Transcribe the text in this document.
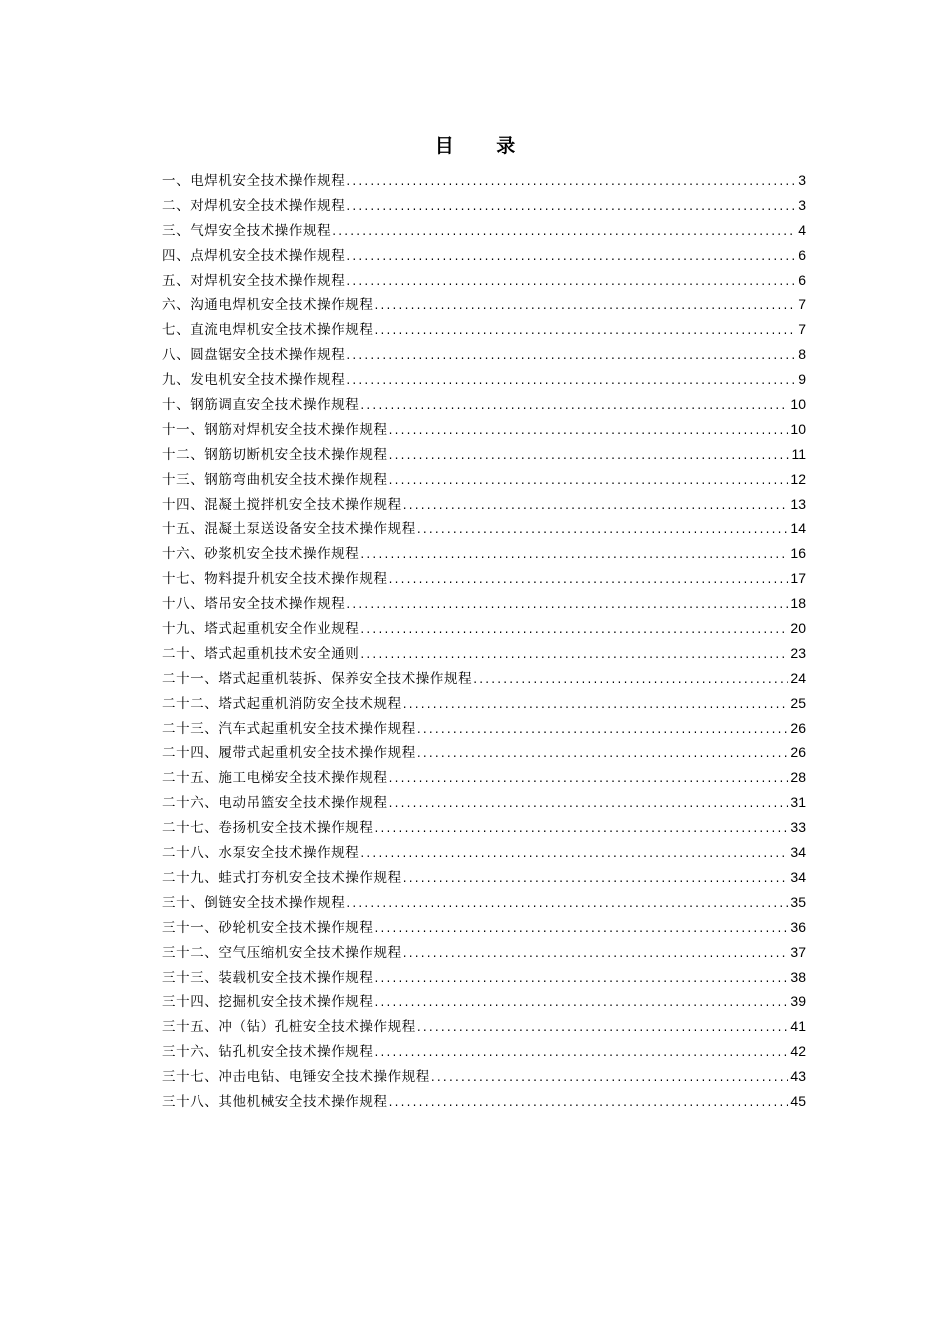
目 录
一、电焊机安全技术操作规程 .....	3
二、对焊机安全技术操作规程 .....	3
三、气焊安全技术操作规程 .....	4
四、点焊机安全技术操作规程 .....	6
五、对焊机安全技术操作规程 .....	6
六、沟通电焊机安全技术操作规程 .....	7
七、直流电焊机安全技术操作规程 .....	7
八、圆盘锯安全技术操作规程 .....	8
九、发电机安全技术操作规程 .....	9
十、钢筋调直安全技术操作规程 .....	10
十一、钢筋对焊机安全技术操作规程 .....	10
十二、钢筋切断机安全技术操作规程 .....	11
十三、钢筋弯曲机安全技术操作规程 .....	12
十四、混凝土搅拌机安全技术操作规程 .....	13
十五、混凝土泵送设备安全技术操作规程 .....	14
十六、砂浆机安全技术操作规程 .....	16
十七、物料提升机安全技术操作规程 .....	17
十八、塔吊安全技术操作规程 .....	18
十九、塔式起重机安全作业规程 .....	20
二十、塔式起重机技术安全通则 .....	23
二十一、塔式起重机装拆、保养安全技术操作规程 .....	24
二十二、塔式起重机消防安全技术规程 .....	25
二十三、汽车式起重机安全技术操作规程 .....	26
二十四、履带式起重机安全技术操作规程 .....	26
二十五、施工电梯安全技术操作规程 .....	28
二十六、电动吊篮安全技术操作规程 .....	31
二十七、卷扬机安全技术操作规程 .....	33
二十八、水泵安全技术操作规程 .....	34
二十九、蛙式打夯机安全技术操作规程 .....	34
三十、倒链安全技术操作规程 .....	35
三十一、砂轮机安全技术操作规程 .....	36
三十二、空气压缩机安全技术操作规程 .....	37
三十三、装载机安全技术操作规程 .....	38
三十四、挖掘机安全技术操作规程 .....	39
三十五、冲（钻）孔桩安全技术操作规程 .....	41
三十六、钻孔机安全技术操作规程 .....	42
三十七、冲击电钻、电锤安全技术操作规程 .....	43
三十八、其他机械安全技术操作规程 .....	45
